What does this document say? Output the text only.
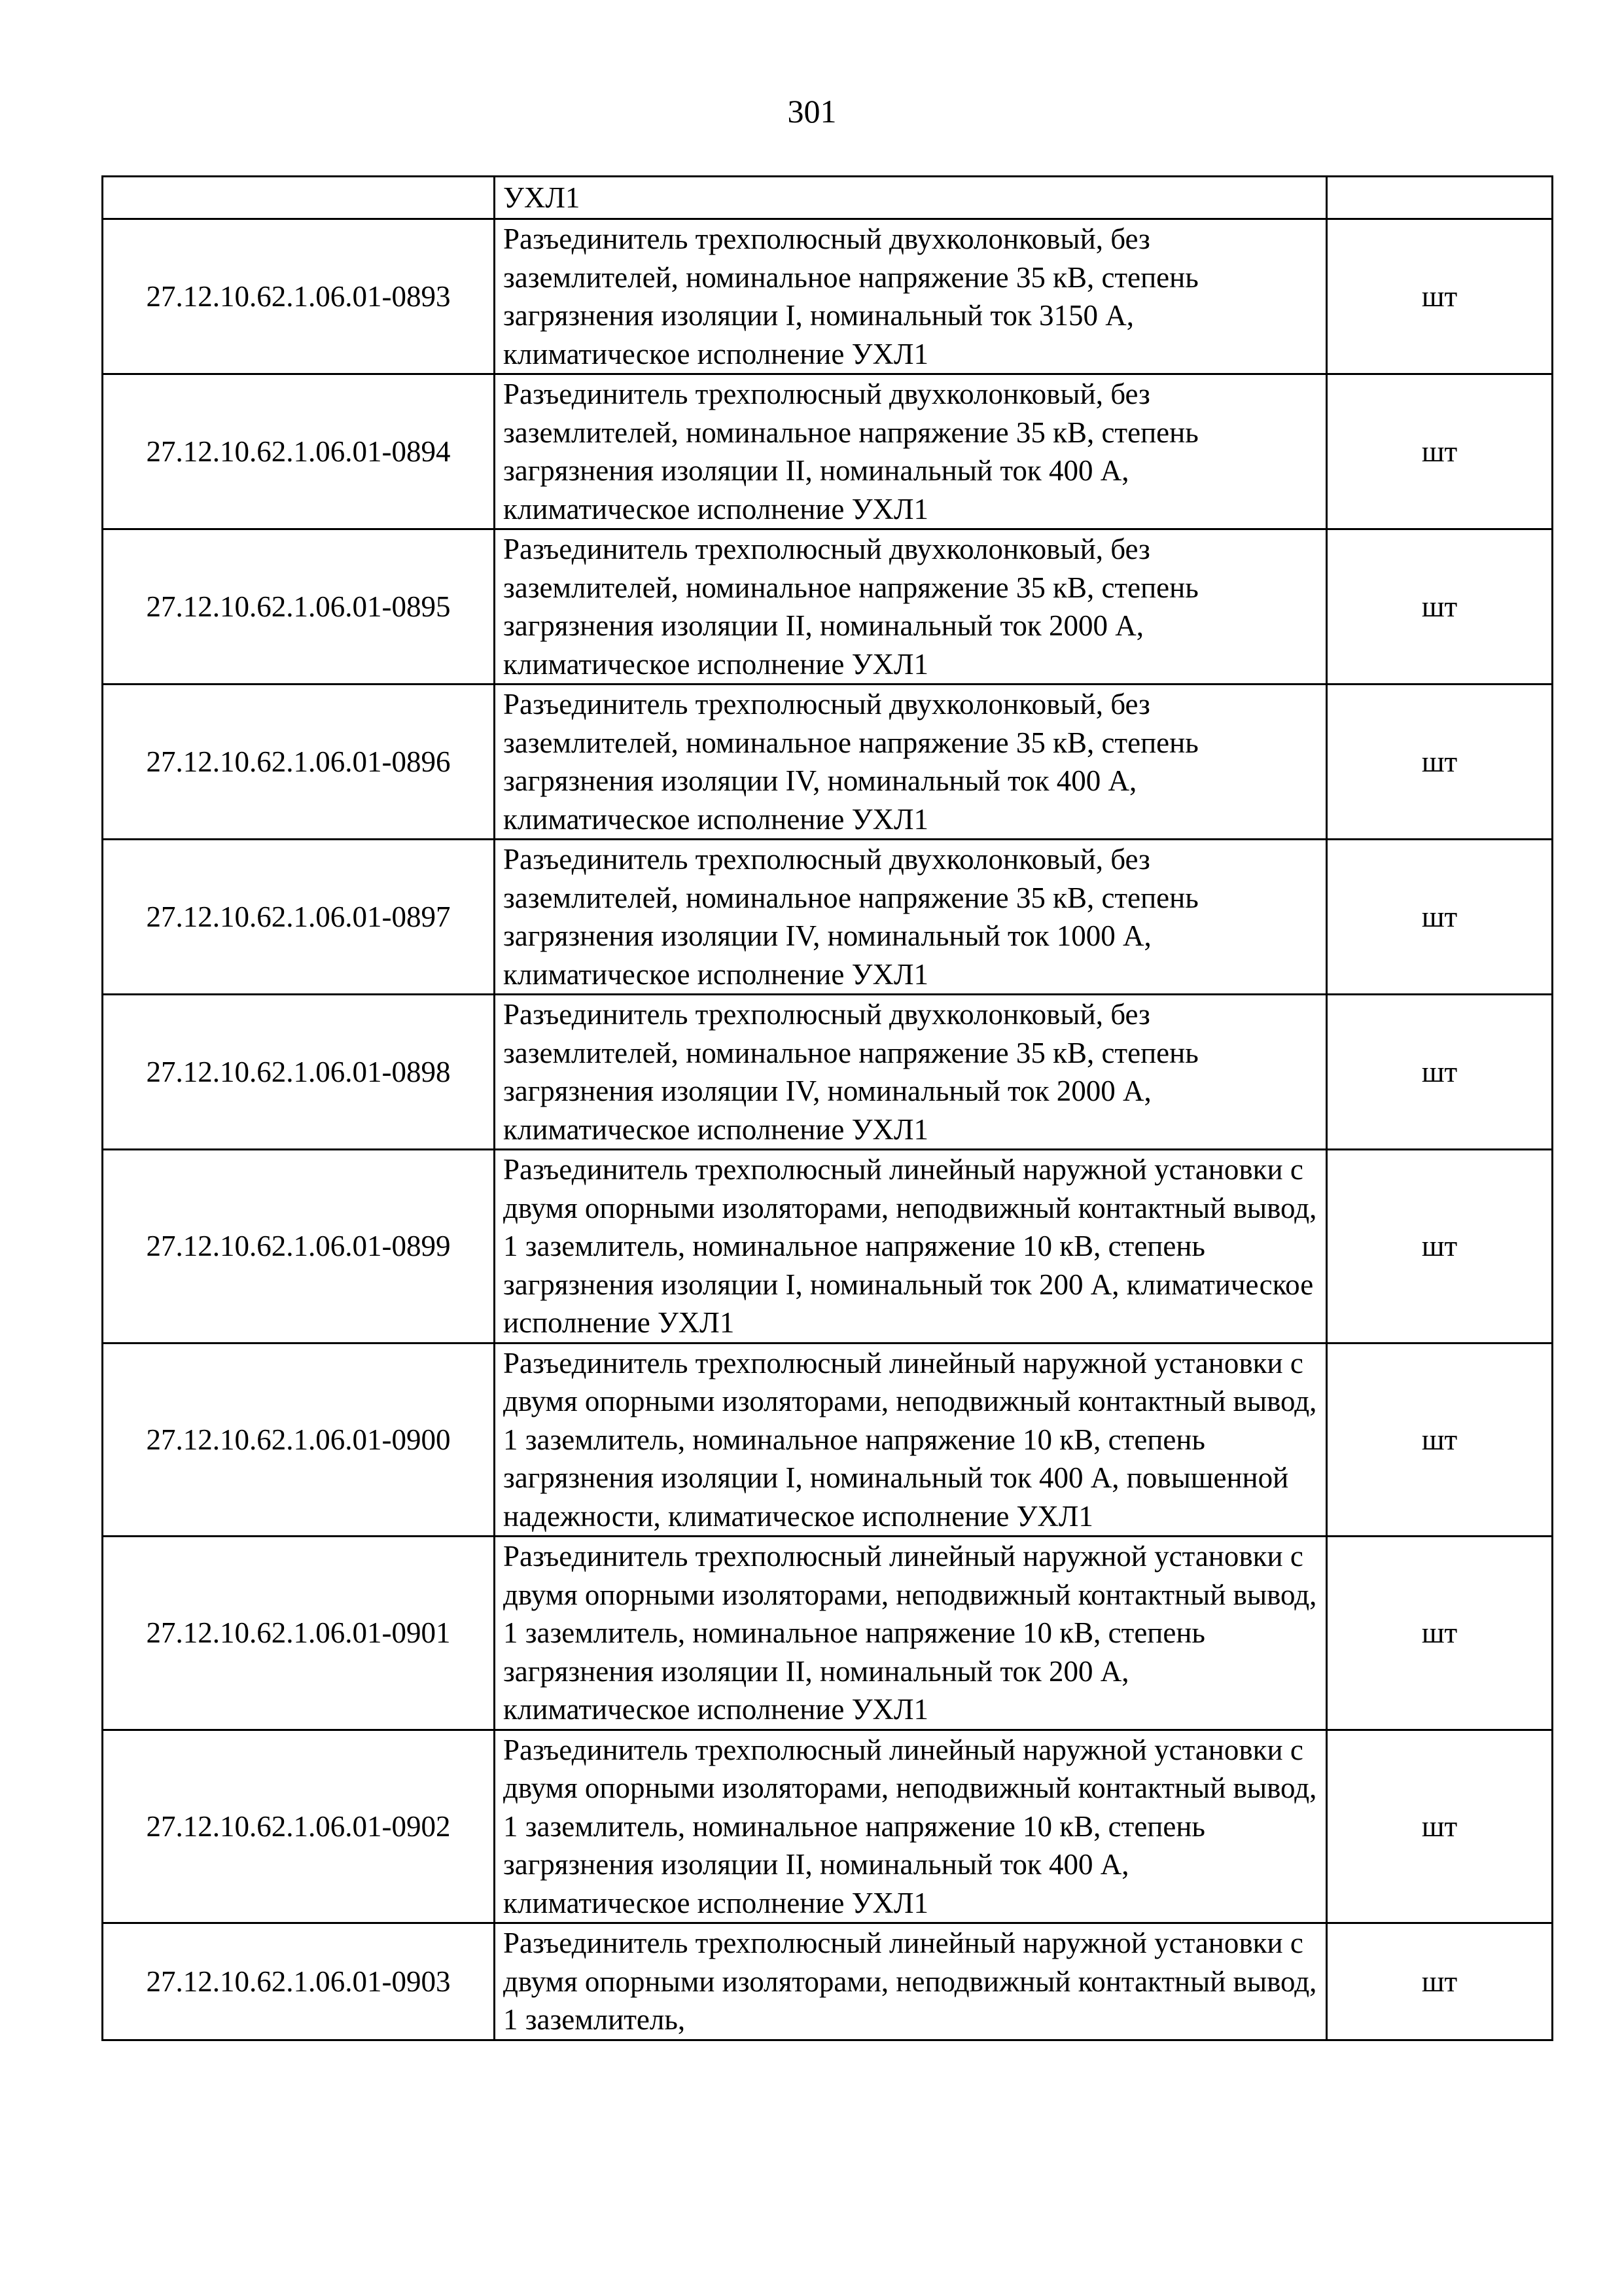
301
	УХЛ1	
27.12.10.62.1.06.01-0893	Разъединитель трехполюсный двухколонковый, без заземлителей, номинальное напряжение 35 кВ, степень загрязнения изоляции I, номинальный ток 3150 А, климатическое исполнение УХЛ1	шт
27.12.10.62.1.06.01-0894	Разъединитель трехполюсный двухколонковый, без заземлителей, номинальное напряжение 35 кВ, степень загрязнения изоляции II, номинальный ток 400 А, климатическое исполнение УХЛ1	шт
27.12.10.62.1.06.01-0895	Разъединитель трехполюсный двухколонковый, без заземлителей, номинальное напряжение 35 кВ, степень загрязнения изоляции II, номинальный ток 2000 А, климатическое исполнение УХЛ1	шт
27.12.10.62.1.06.01-0896	Разъединитель трехполюсный двухколонковый, без заземлителей, номинальное напряжение 35 кВ, степень загрязнения изоляции IV, номинальный ток 400 А, климатическое исполнение УХЛ1	шт
27.12.10.62.1.06.01-0897	Разъединитель трехполюсный двухколонковый, без заземлителей, номинальное напряжение 35 кВ, степень загрязнения изоляции IV, номинальный ток 1000 А, климатическое исполнение УХЛ1	шт
27.12.10.62.1.06.01-0898	Разъединитель трехполюсный двухколонковый, без заземлителей, номинальное напряжение 35 кВ, степень загрязнения изоляции IV, номинальный ток 2000 А, климатическое исполнение УХЛ1	шт
27.12.10.62.1.06.01-0899	Разъединитель трехполюсный линейный наружной установки с двумя опорными изоляторами, неподвижный контактный вывод, 1 заземлитель, номинальное напряжение 10 кВ, степень загрязнения изоляции I, номинальный ток 200 А, климатическое исполнение УХЛ1	шт
27.12.10.62.1.06.01-0900	Разъединитель трехполюсный линейный наружной установки с двумя опорными изоляторами, неподвижный контактный вывод, 1 заземлитель, номинальное напряжение 10 кВ, степень загрязнения изоляции I, номинальный ток 400 А, повышенной надежности, климатическое исполнение УХЛ1	шт
27.12.10.62.1.06.01-0901	Разъединитель трехполюсный линейный наружной установки с двумя опорными изоляторами, неподвижный контактный вывод, 1 заземлитель, номинальное напряжение 10 кВ, степень загрязнения изоляции II, номинальный ток 200 А, климатическое исполнение УХЛ1	шт
27.12.10.62.1.06.01-0902	Разъединитель трехполюсный линейный наружной установки с двумя опорными изоляторами, неподвижный контактный вывод, 1 заземлитель, номинальное напряжение 10 кВ, степень загрязнения изоляции II, номинальный ток 400 А, климатическое исполнение УХЛ1	шт
27.12.10.62.1.06.01-0903	Разъединитель трехполюсный линейный наружной установки с двумя опорными изоляторами, неподвижный контактный вывод, 1 заземлитель,	шт
